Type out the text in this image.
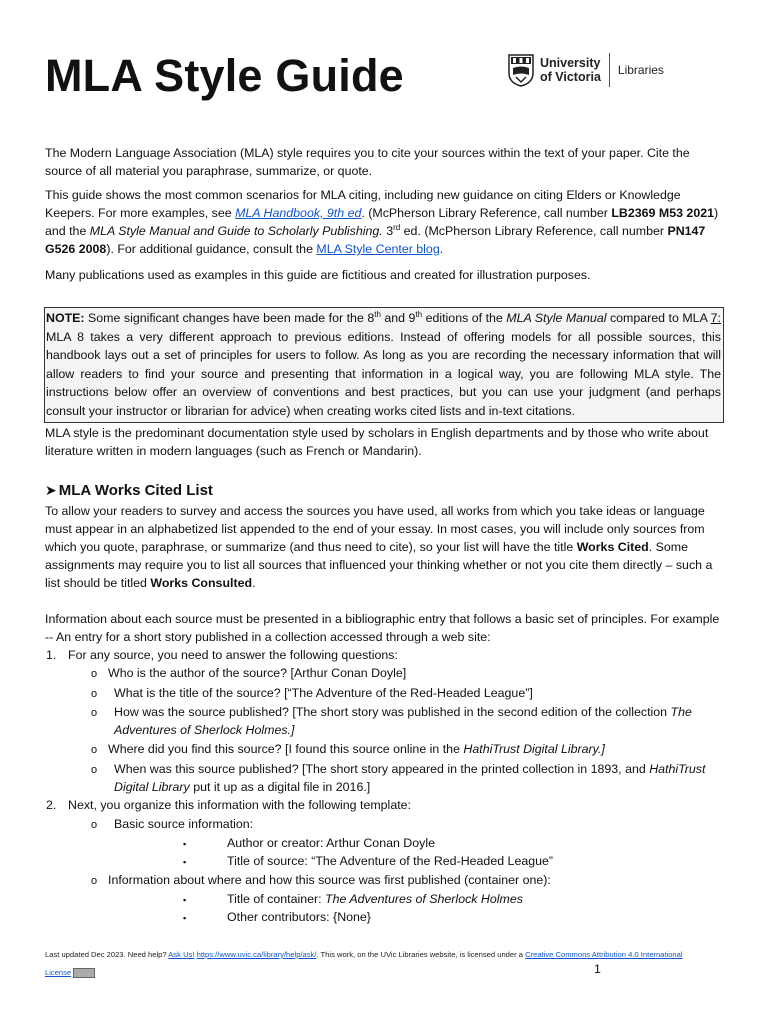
MLA Style Guide	University
of Victoria Libraries

The Modern Language Association (MLA) style requires you to cite your sources within the text of your paper. Cite the source of all material you paraphrase, summarize, or quote.

This guide shows the most common scenarios for MLA citing, including new guidance on citing Elders or Knowledge Keepers. For more examples, see MLA Handbook, 9th ed. (McPherson Library Reference, call number LB2369 M53 2021) and the MLA Style Manual and Guide to Scholarly Publishing. 3rd ed. (McPherson Library Reference, call number PN147 G526 2008). For additional guidance, consult the MLA Style Center blog.

Many publications used as examples in this guide are fictitious and created for illustration purposes.

NOTE: Some significant changes have been made for the 8th and 9th editions of the MLA Style Manual compared to MLA 7: MLA 8 takes a very different approach to previous editions. Instead of offering models for all possible sources, this handbook lays out a set of principles for users to follow. As long as you are recording the necessary information that will allow readers to find your source and presenting that information in a logical way, you are following MLA style. The instructions below offer an overview of conventions and best practices, but you can use your judgment (and perhaps consult your instructor or librarian for advice) when creating works cited lists and in-text citations.

MLA style is the predominant documentation style used by scholars in English departments and by those who write about literature written in modern languages (such as French or Mandarin).

➤ MLA Works Cited List

To allow your readers to survey and access the sources you have used, all works from which you take ideas or language must appear in an alphabetized list appended to the end of your essay. In most cases, you will include only sources from which you quote, paraphrase, or summarize (and thus need to cite), so your list will have the title Works Cited. Some assignments may require you to list all sources that influenced your thinking whether or not you cite them directly – such a list should be titled Works Consulted.

Information about each source must be presented in a bibliographic entry that follows a basic set of principles. For example -- An entry for a short story published in a collection accessed through a web site:

1. For any source, you need to answer the following questions:
o Who is the author of the source? [Arthur Conan Doyle]
o What is the title of the source? [“The Adventure of the Red-Headed League”]
o How was the source published? [The short story was published in the second edition of the collection The
Adventures of Sherlock Holmes.]
o Where did you find this source? [I found this source online in the HathiTrust Digital Library.]
o When was this source published? [The short story appeared in the printed collection in 1893, and HathiTrust
Digital Library put it up as a digital file in 2016.]
2. Next, you organize this information with the following template:
o Basic source information:
▪	Author or creator: Arthur Conan Doyle
▪	Title of source: “The Adventure of the Red-Headed League”
o Information about where and how this source was first published (container one):
▪	Title of container: The Adventures of Sherlock Holmes
▪	Other contributors: {None}
Last updated Dec 2023. Need help? Ask Us! https://www.uvic.ca/library/help/ask/. This work, on the UVic Libraries website, is licensed under a Creative Commons Attribution 4.0 International
License	1
